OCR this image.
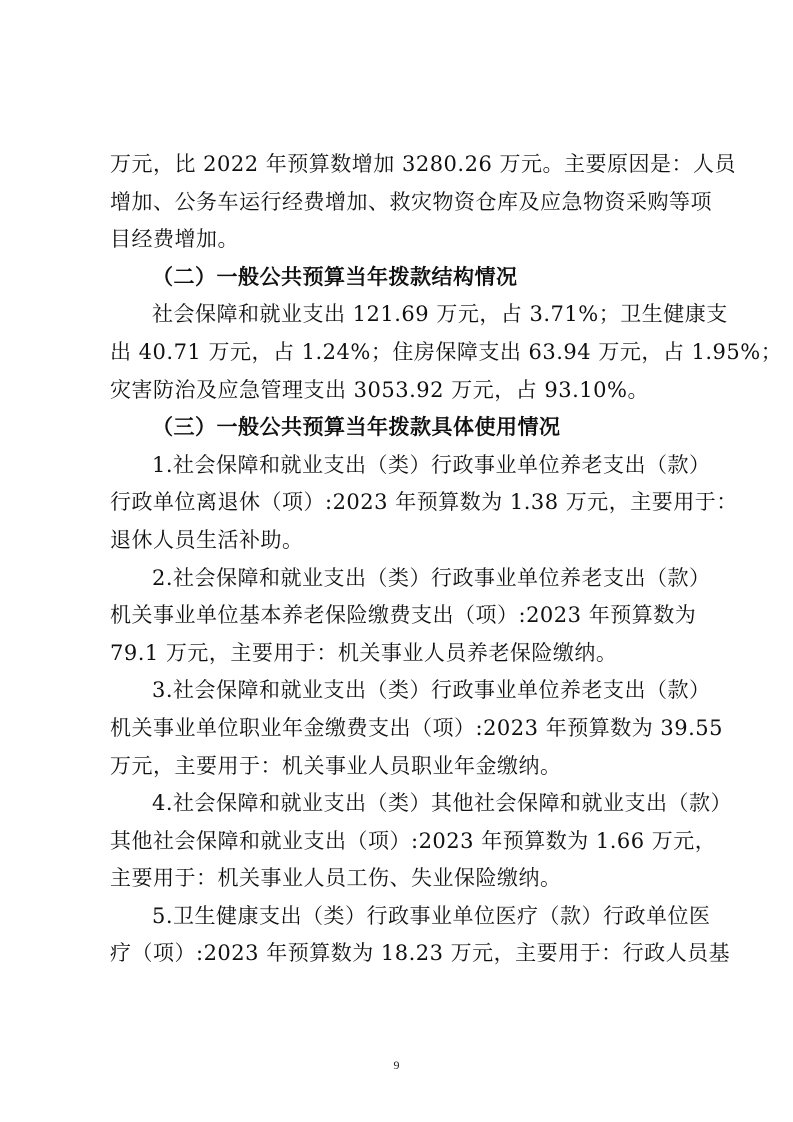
万元，比 2022 年预算数增加 3280.26 万元。主要原因是：人员
增加、公务车运行经费增加、救灾物资仓库及应急物资采购等项
目经费增加。
（二）一般公共预算当年拨款结构情况
社会保障和就业支出 121.69 万元，占 3.71%；卫生健康支
出 40.71 万元，占 1.24%；住房保障支出 63.94 万元，占 1.95%；
灾害防治及应急管理支出 3053.92 万元，占 93.10%。
（三）一般公共预算当年拨款具体使用情况
1.社会保障和就业支出（类）行政事业单位养老支出（款）
行政单位离退休（项）:2023 年预算数为 1.38 万元，主要用于：
退休人员生活补助。
2.社会保障和就业支出（类）行政事业单位养老支出（款）
机关事业单位基本养老保险缴费支出（项）:2023 年预算数为
79.1 万元，主要用于：机关事业人员养老保险缴纳。
3.社会保障和就业支出（类）行政事业单位养老支出（款）
机关事业单位职业年金缴费支出（项）:2023 年预算数为 39.55
万元，主要用于：机关事业人员职业年金缴纳。
4.社会保障和就业支出（类）其他社会保障和就业支出（款）
其他社会保障和就业支出（项）:2023 年预算数为 1.66 万元，
主要用于：机关事业人员工伤、失业保险缴纳。
5.卫生健康支出（类）行政事业单位医疗（款）行政单位医
疗（项）:2023 年预算数为 18.23 万元，主要用于：行政人员基
9
